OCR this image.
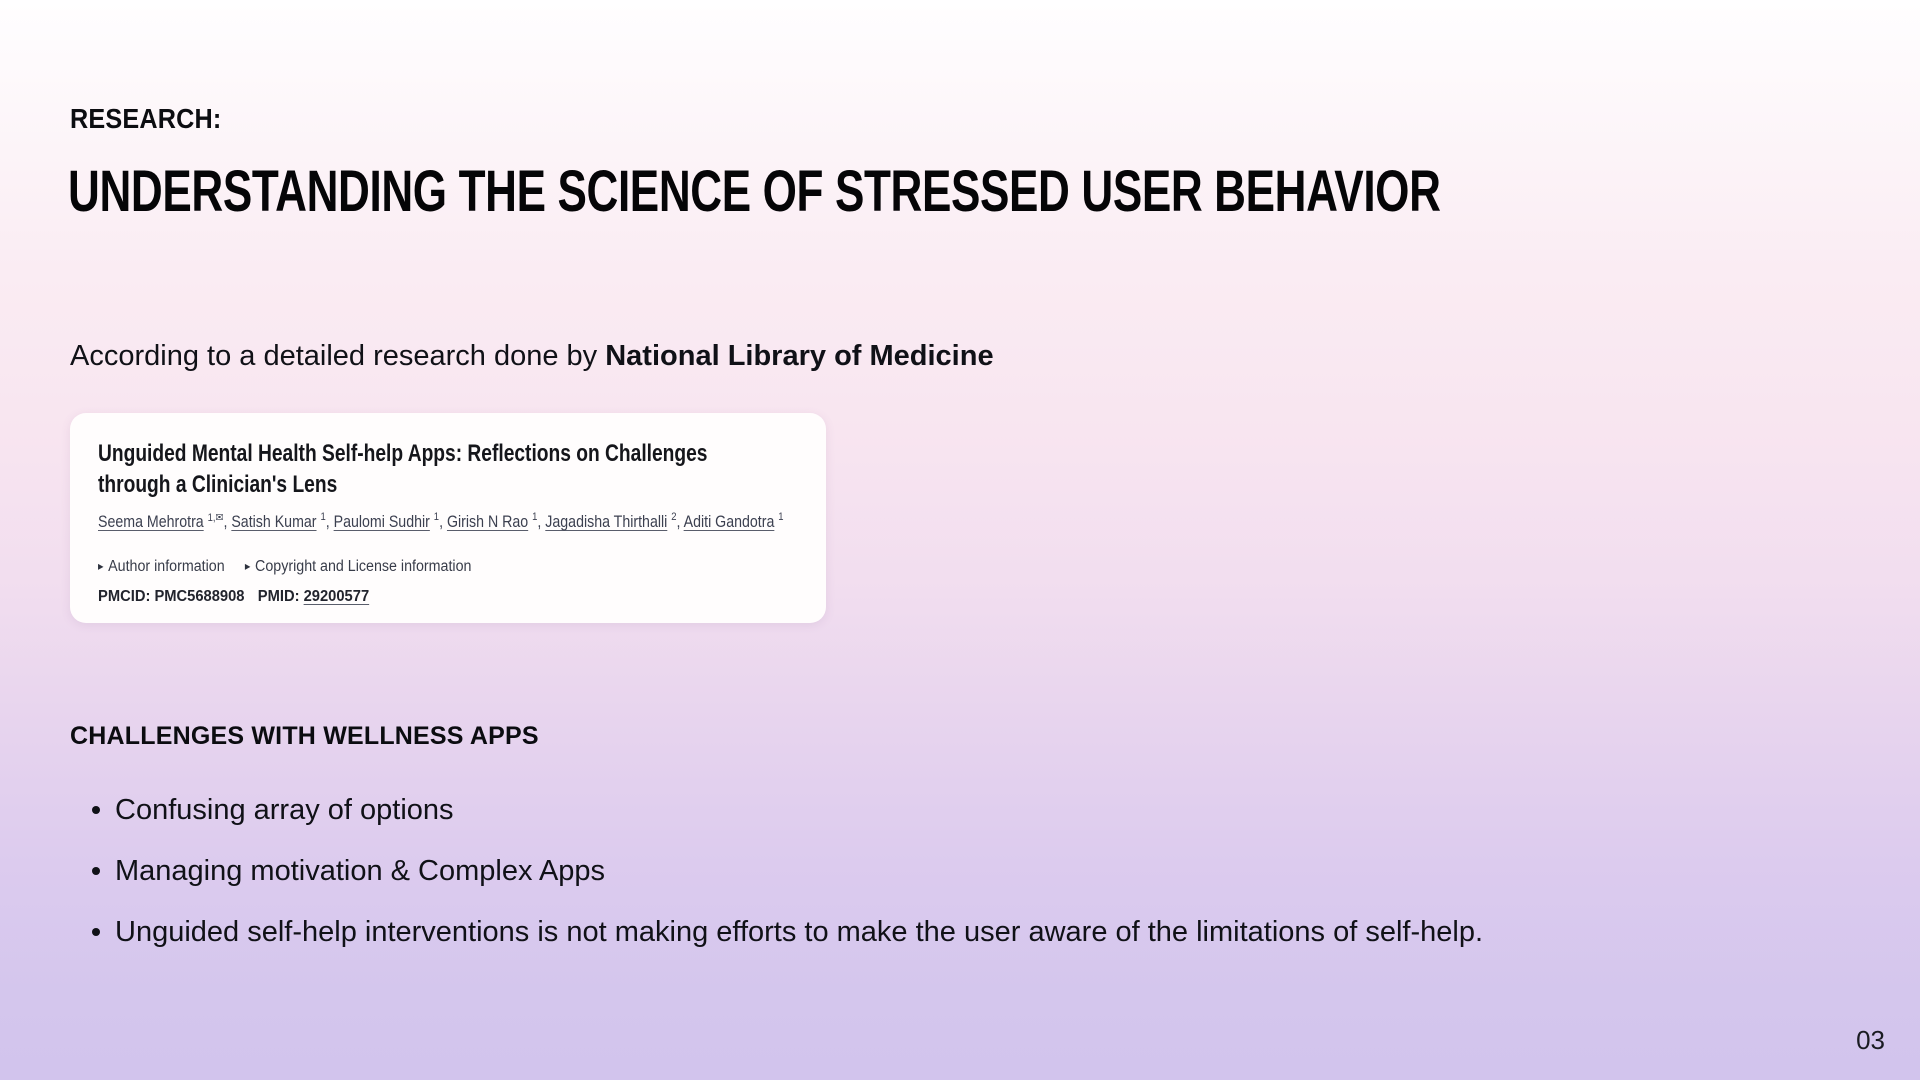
RESEARCH:
UNDERSTANDING THE SCIENCE OF STRESSED USER BEHAVIOR
According to a detailed research done by National Library of Medicine
Unguided Mental Health Self-help Apps: Reflections on Challenges
through a Clinician's Lens
Seema Mehrotra $^{1,✉}$, Satish Kumar $^1$, Paulomi Sudhir $^1$, Girish N Rao $^1$, Jagadisha Thirthalli $^2$, Aditi Gandotra $^1$
▸ Author information ▸ Copyright and License information
PMCID: PMC5688908 PMID: 29200577
CHALLENGES WITH WELLNESS APPS
Confusing array of options
Managing motivation & Complex Apps
Unguided self-help interventions is not making efforts to make the user aware of the limitations of self-help.
03
